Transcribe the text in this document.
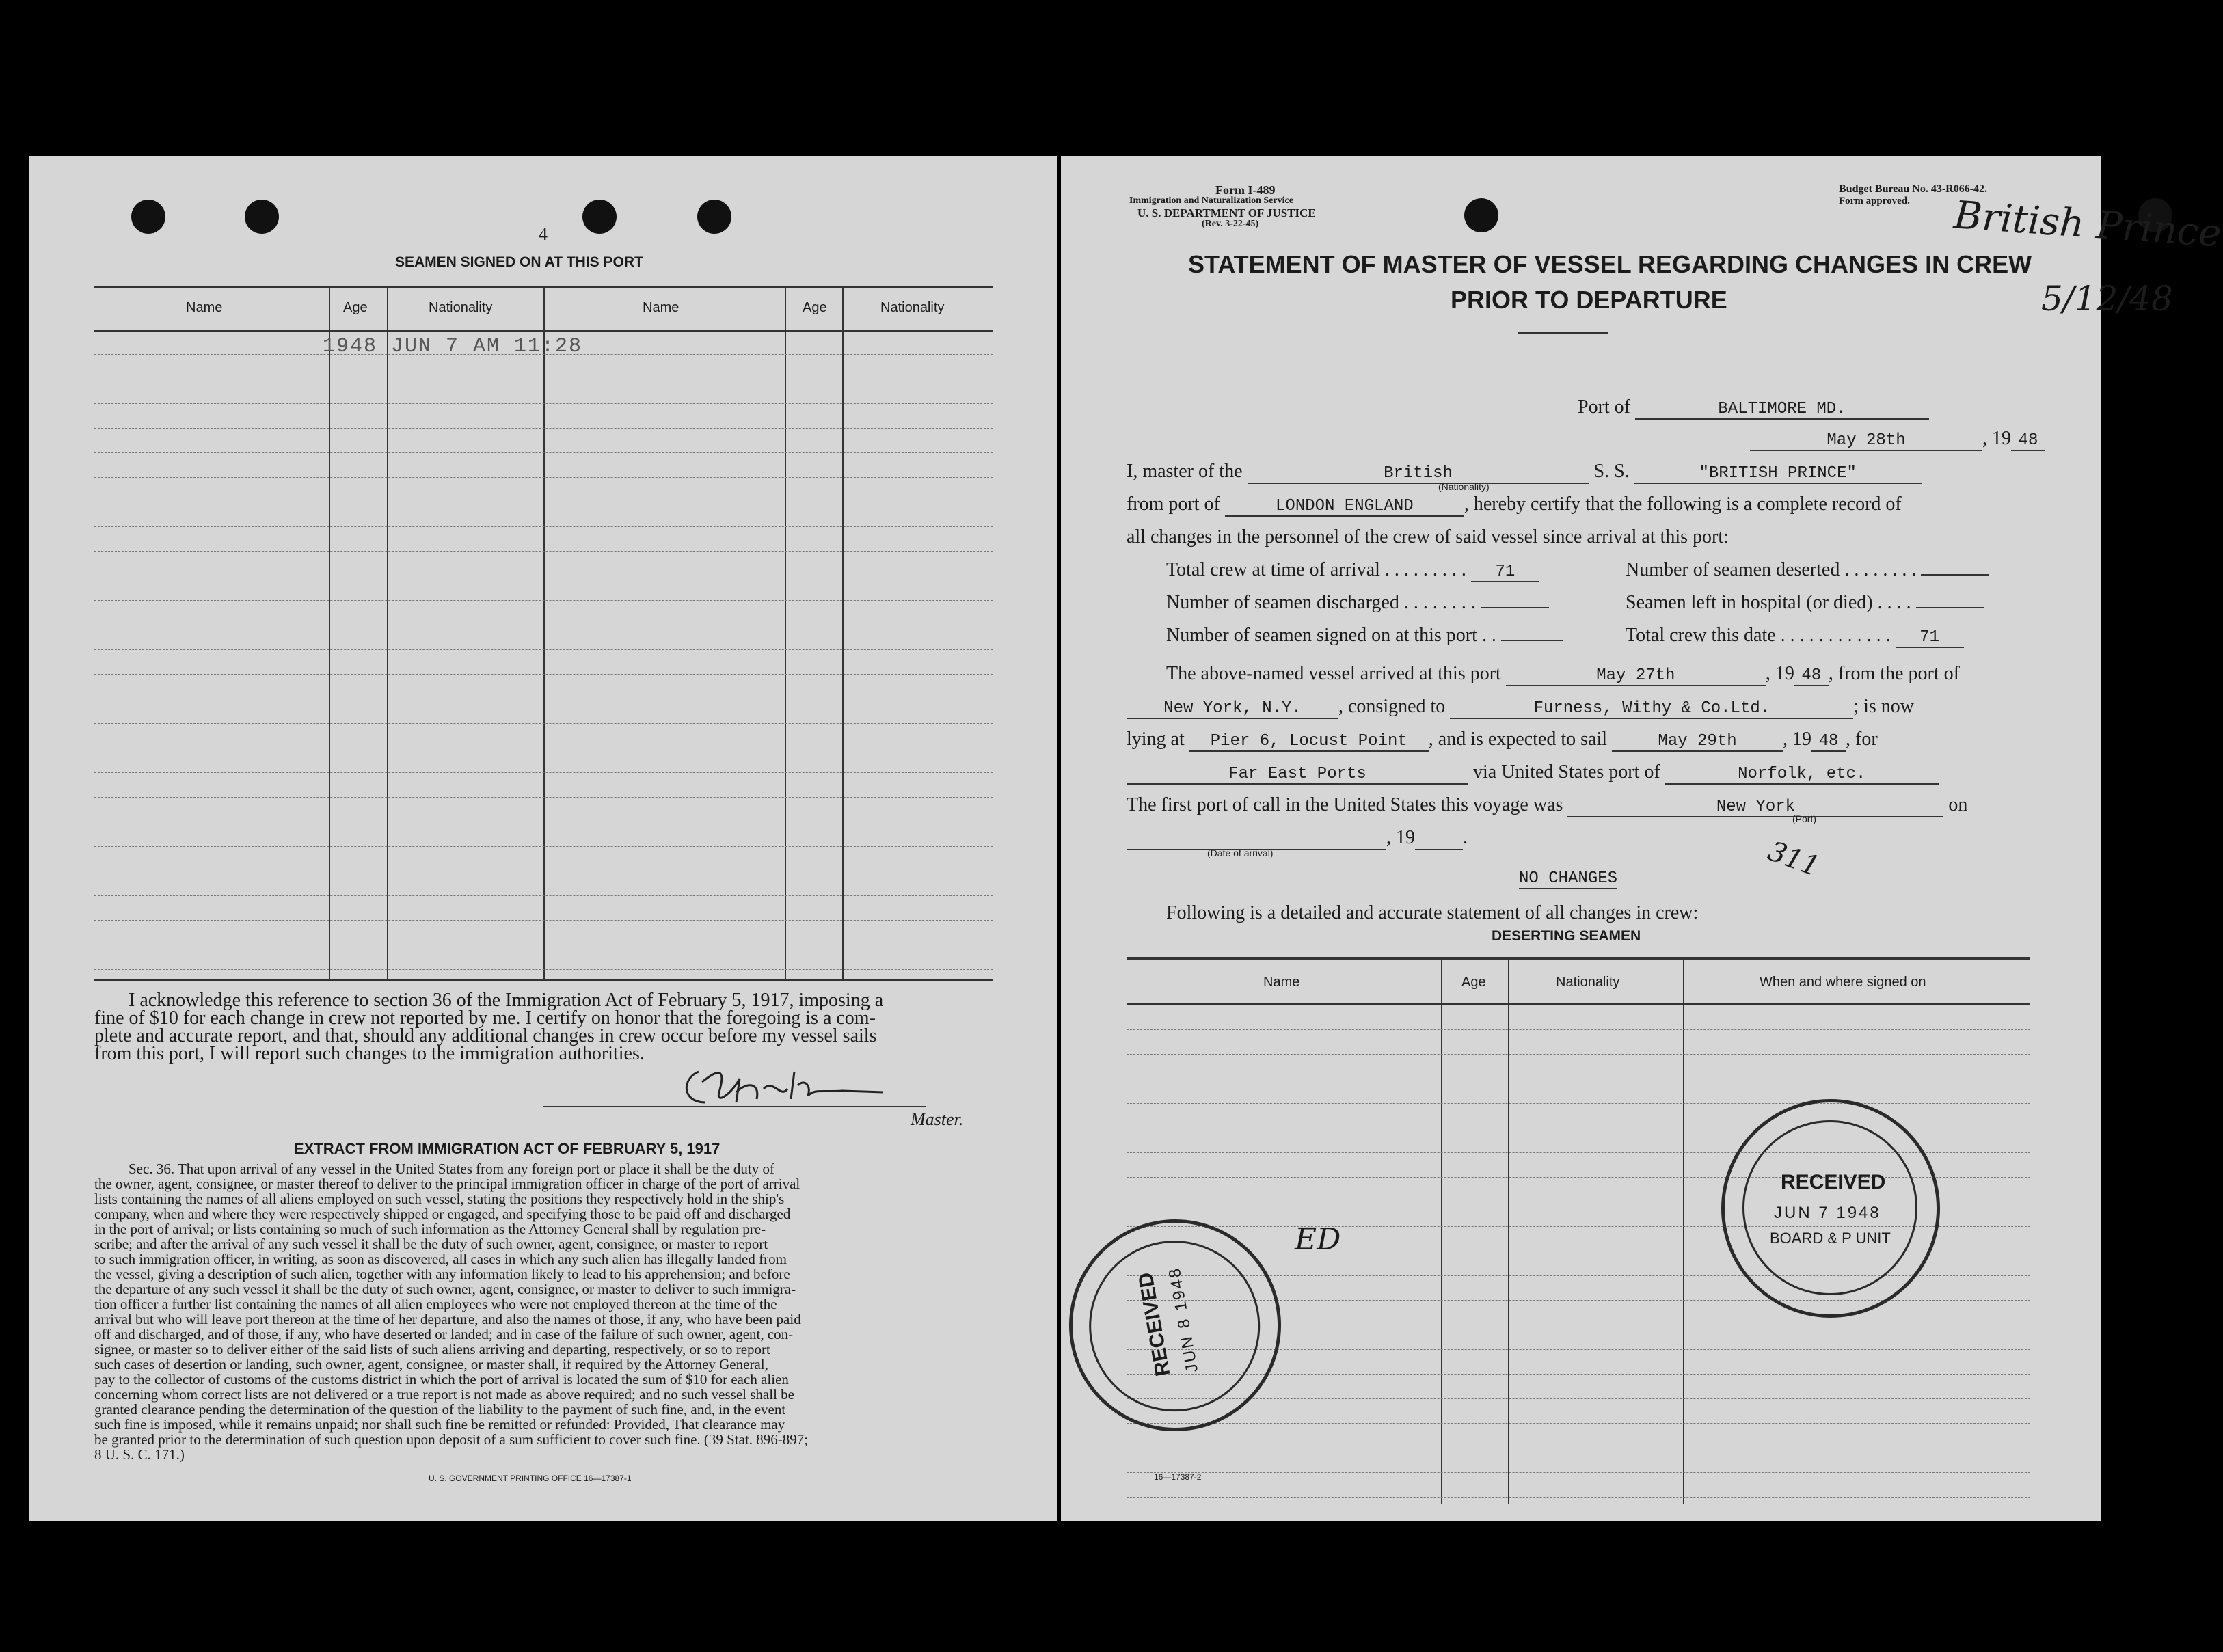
4
SEAMEN SIGNED ON AT THIS PORT
Name	Age	Nationality	Name	Age	Nationality
1948 JUN 7 AM 11:28
I acknowledge this reference to section 36 of the Immigration Act of February 5, 1917, imposing a
fine of $10 for each change in crew not reported by me. I certify on honor that the foregoing is a com-
plete and accurate report, and that, should any additional changes in crew occur before my vessel sails
from this port, I will report such changes to the immigration authorities.
Master.
EXTRACT FROM IMMIGRATION ACT OF FEBRUARY 5, 1917
Sec. 36. That upon arrival of any vessel in the United States from any foreign port or place it shall be the duty of
the owner, agent, consignee, or master thereof to deliver to the principal immigration officer in charge of the port of arrival
lists containing the names of all aliens employed on such vessel, stating the positions they respectively hold in the ship's
company, when and where they were respectively shipped or engaged, and specifying those to be paid off and discharged
in the port of arrival; or lists containing so much of such information as the Attorney General shall by regulation pre-
scribe; and after the arrival of any such vessel it shall be the duty of such owner, agent, consignee, or master to report
to such immigration officer, in writing, as soon as discovered, all cases in which any such alien has illegally landed from
the vessel, giving a description of such alien, together with any information likely to lead to his apprehension; and before
the departure of any such vessel it shall be the duty of such owner, agent, consignee, or master to deliver to such immigra-
tion officer a further list containing the names of all alien employees who were not employed thereon at the time of the
arrival but who will leave port thereon at the time of her departure, and also the names of those, if any, who have been paid
off and discharged, and of those, if any, who have deserted or landed; and in case of the failure of such owner, agent, con-
signee, or master so to deliver either of the said lists of such aliens arriving and departing, respectively, or so to report
such cases of desertion or landing, such owner, agent, consignee, or master shall, if required by the Attorney General,
pay to the collector of customs of the customs district in which the port of arrival is located the sum of $10 for each alien
concerning whom correct lists are not delivered or a true report is not made as above required; and no such vessel shall be
granted clearance pending the determination of the question of the liability to the payment of such fine, and, in the event
such fine is imposed, while it remains unpaid; nor shall such fine be remitted or refunded: Provided, That clearance may
be granted prior to the determination of such question upon deposit of a sum sufficient to cover such fine. (39 Stat. 896-897;
8 U. S. C. 171.)
U. S. GOVERNMENT PRINTING OFFICE 16—17387-1
Form I-489
Immigration and Naturalization Service
U. S. DEPARTMENT OF JUSTICE
(Rev. 3-22-45)
Budget Bureau No. 43-R066-42.
Form approved. British Prince
5/12/48
STATEMENT OF MASTER OF VESSEL REGARDING CHANGES IN CREW
PRIOR TO DEPARTURE
Port of	BALTIMORE MD.
May 28th	, 19 48
I, master of the	British	S. S.	"BRITISH PRINCE"
(Nationality)
from port of	LONDON ENGLAND	, hereby certify that the following is a complete record of
all changes in the personnel of the crew of said vessel since arrival at this port:
Total crew at time of arrival . . . . . . . . . 71	Number of seamen deserted . . . . . . . .
Number of seamen discharged . . . . . . . .	Seamen left in hospital (or died) . . . .
Number of seamen signed on at this port . .	Total crew this date . . . . . . . . . . . . 71
The above-named vessel arrived at this port	May 27th	, 19 48 , from the port of
New York, N.Y. , consigned to	Furness, Withy & Co.Ltd.	; is now
lying at Pier 6, Locust Point , and is expected to sail	May 29th , 19 48 , for
Far East Ports	via United States port of	Norfolk, etc.
The first port of call in the United States this voyage was	New York	on
(Port)
, 19	.
(Date of arrival)	311
NO CHANGES
Following is a detailed and accurate statement of all changes in crew:
DESERTING SEAMEN
Name	Age	Nationality	When and where signed on
RECEIVED
JUN 7 1948
BOARD & P UNIT
RECEIVED
JUN 8 1948
ED
16—17387-2
